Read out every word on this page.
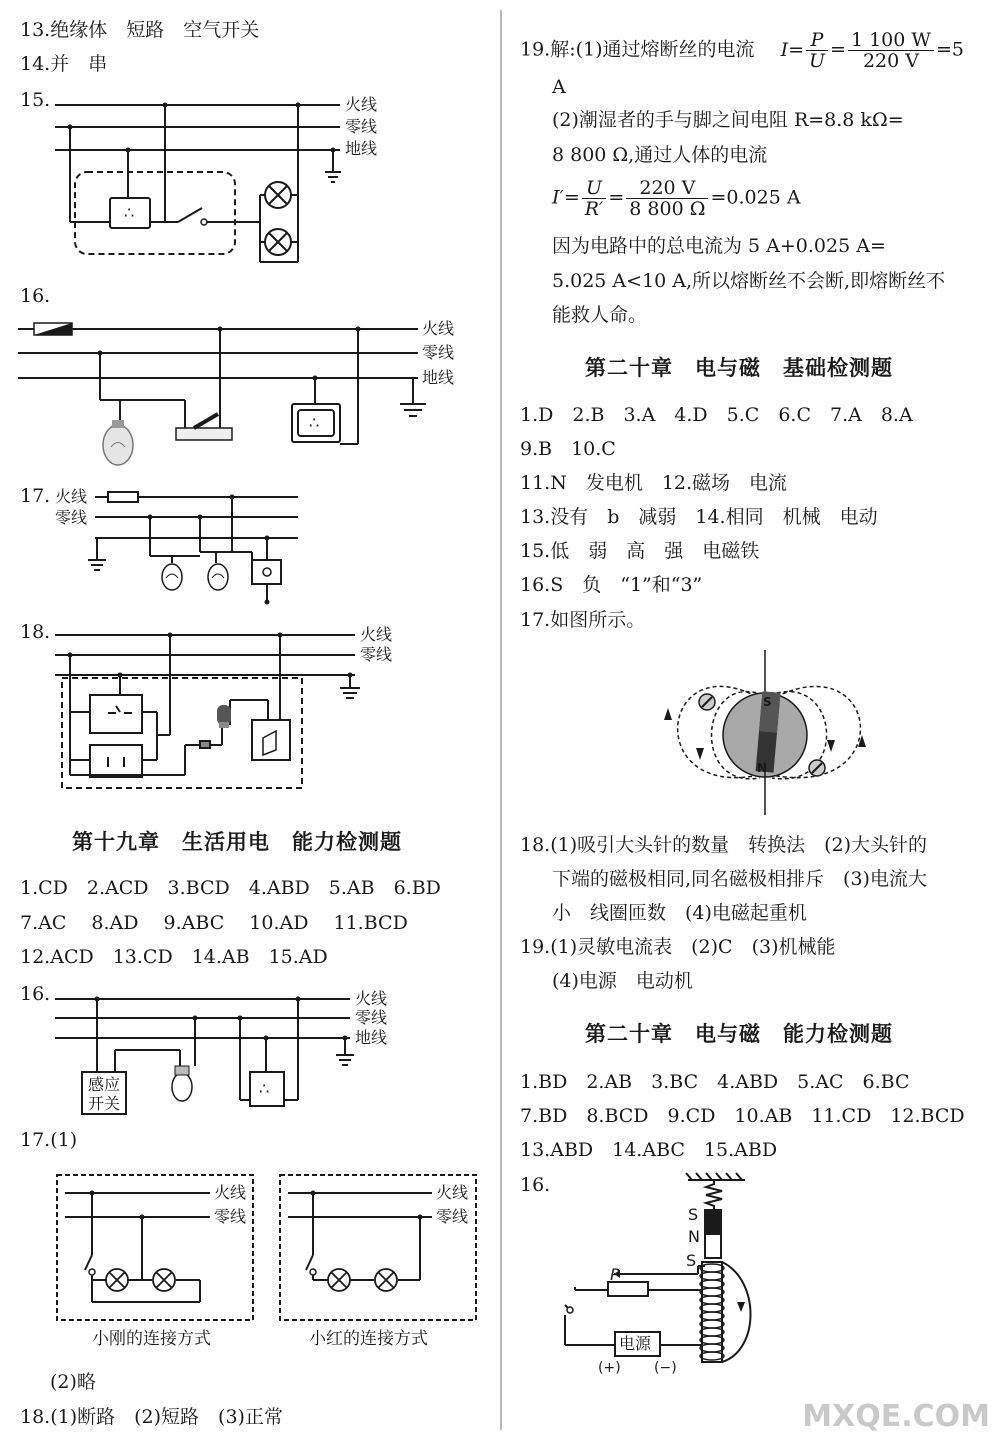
13.绝缘体　短路　空气开关
14.并　串
15.
∴
火线
零线
地线
16.
∴
火线
零线
地线
17. 火线
零线
18.	火线
零线
第十九章　生活用电　能力检测题
1.CD　2.ACD　3.BCD　4.ABD　5.AB　6.BD
7.AC　 8.AD　 9.ABC　 10.AD　 11.BCD
12.ACD　13.CD　14.AB　15.AD
16.
∴
感应
开关
火线
零线
地线
17.(1)
火线
零线
火线
零线
小刚的连接方式	小红的连接方式
(2)略
18.(1)断路　(2)短路　(3)正常
19.解:(1)通过熔断丝的电流 $I= \frac{P}{U} = \frac{1 100 W}{220 V} =5$
A
(2)潮湿者的手与脚之间电阻 R=8.8 kΩ=
8 800 Ω,通过人体的电流
$I'= \frac{U}{R'} = \frac{220 V}{8 800 \Omega} =0.025$ A
因为电路中的总电流为 5 A+0.025 A=
5.025 A<10 A,所以熔断丝不会断,即熔断丝不
能救人命。
第二十章　电与磁　基础检测题
1.D　2.B　3.A　4.D　5.C　6.C　7.A　8.A
9.B　10.C
11.N　发电机　12.磁场　电流
13.没有　b　减弱　14.相同　机械　电动
15.低　弱　高　强　电磁铁
16.S　负　“1”和“3”
17.如图所示。
S
N
18.(1)吸引大头针的数量　转换法　(2)大头针的
下端的磁极相同,同名磁极相排斥　(3)电流大
小　线圈匝数　(4)电磁起重机
19.(1)灵敏电流表　(2)C　(3)机械能
(4)电源　电动机
第二十章　电与磁　能力检测题
1.BD　2.AB　3.BC　4.ABD　5.AC　6.BC
7.BD　8.BCD　9.CD　10.AB　11.CD　12.BCD
13.ABD　14.ABC　15.ABD
16.
S
N
S
P
电源
(+) (−)
MXQE.COM
